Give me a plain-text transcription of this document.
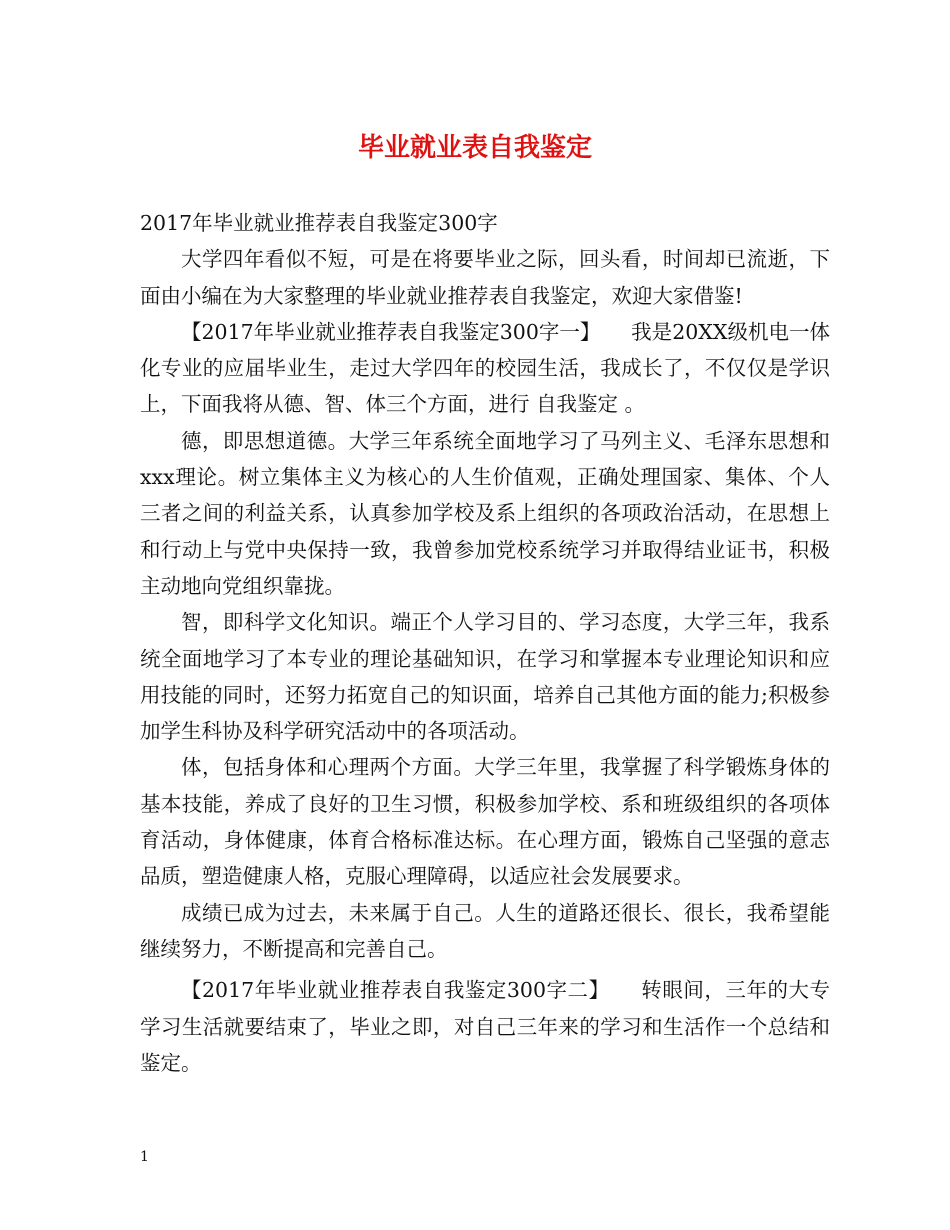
毕业就业表自我鉴定

2017年毕业就业推荐表自我鉴定300字

大学四年看似不短，可是在将要毕业之际，回头看，时间却已流逝，下面由小编在为大家整理的毕业就业推荐表自我鉴定，欢迎大家借鉴!

【2017年毕业就业推荐表自我鉴定300字一】　　我是20XX级机电一体化专业的应届毕业生，走过大学四年的校园生活，我成长了，不仅仅是学识上，下面我将从德、智、体三个方面，进行 自我鉴定 。

德，即思想道德。大学三年系统全面地学习了马列主义、毛泽东思想和xxx理论。树立集体主义为核心的人生价值观，正确处理国家、集体、个人三者之间的利益关系，认真参加学校及系上组织的各项政治活动，在思想上和行动上与党中央保持一致，我曾参加党校系统学习并取得结业证书，积极主动地向党组织靠拢。

智，即科学文化知识。端正个人学习目的、学习态度，大学三年，我系统全面地学习了本专业的理论基础知识，在学习和掌握本专业理论知识和应用技能的同时，还努力拓宽自己的知识面，培养自己其他方面的能力;积极参加学生科协及科学研究活动中的各项活动。

体，包括身体和心理两个方面。大学三年里，我掌握了科学锻炼身体的基本技能，养成了良好的卫生习惯，积极参加学校、系和班级组织的各项体育活动，身体健康，体育合格标准达标。在心理方面，锻炼自己坚强的意志品质，塑造健康人格，克服心理障碍，以适应社会发展要求。

成绩已成为过去，未来属于自己。人生的道路还很长、很长，我希望能继续努力，不断提高和完善自己。

【2017年毕业就业推荐表自我鉴定300字二】　　转眼间，三年的大专学习生活就要结束了，毕业之即，对自己三年来的学习和生活作一个总结和鉴定。

1
